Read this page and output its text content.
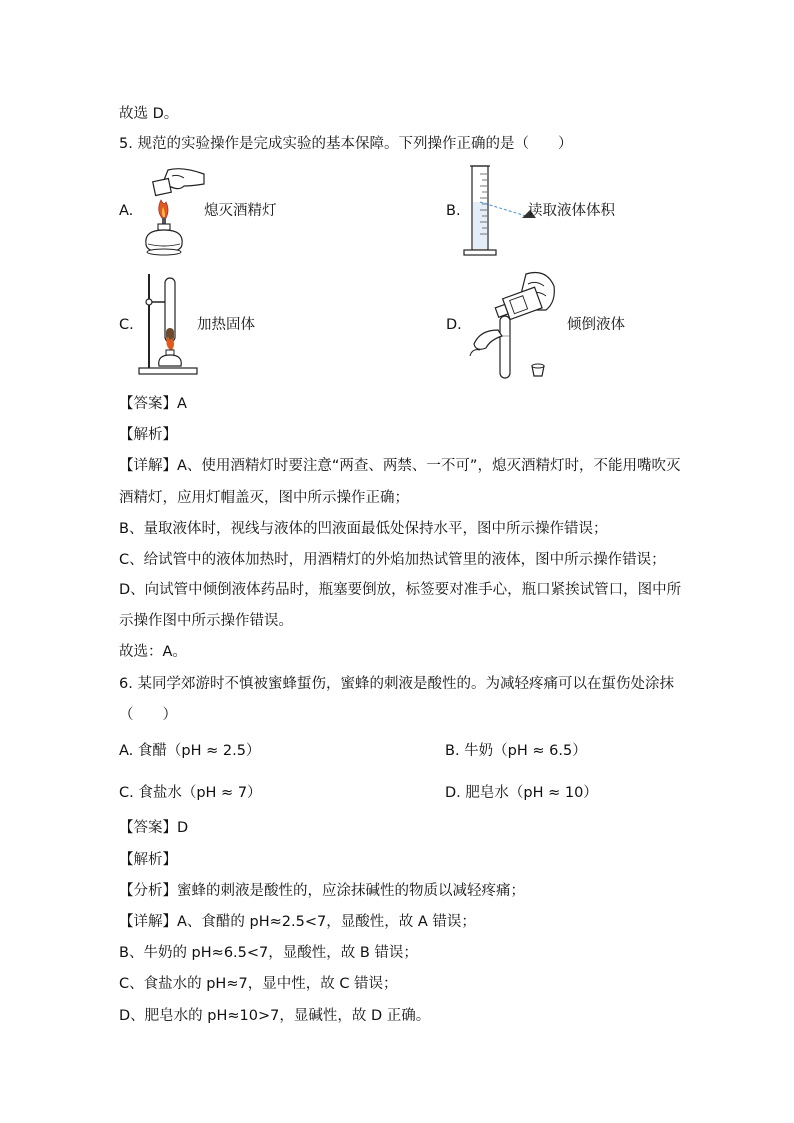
故选 D。
5. 规范的实验操作是完成实验的基本保障。下列操作正确的是（　　）
A.	熄灭酒精灯	B.	读取液体体积
C.	加热固体	D.	倾倒液体
【答案】A
【解析】
【详解】A、使用酒精灯时要注意“两查、两禁、一不可”，熄灭酒精灯时，不能用嘴吹灭
酒精灯，应用灯帽盖灭，图中所示操作正确；
B、量取液体时，视线与液体的凹液面最低处保持水平，图中所示操作错误；
C、给试管中的液体加热时，用酒精灯的外焰加热试管里的液体，图中所示操作错误；
D、向试管中倾倒液体药品时，瓶塞要倒放，标签要对准手心，瓶口紧挨试管口，图中所
示操作图中所示操作错误。
故选：A。
6. 某同学郊游时不慎被蜜蜂蜇伤，蜜蜂的刺液是酸性的。为减轻疼痛可以在蜇伤处涂抹
（　　）
A. 食醋（pH ≈ 2.5）	B. 牛奶（pH ≈ 6.5）
C. 食盐水（pH ≈ 7）	D. 肥皂水（pH ≈ 10）
【答案】D
【解析】
【分析】蜜蜂的刺液是酸性的，应涂抹碱性的物质以减轻疼痛；
【详解】A、食醋的 pH≈2.5<7，显酸性，故 A 错误；
B、牛奶的 pH≈6.5<7，显酸性，故 B 错误；
C、食盐水的 pH≈7，显中性，故 C 错误；
D、肥皂水的 pH≈10>7，显碱性，故 D 正确。
